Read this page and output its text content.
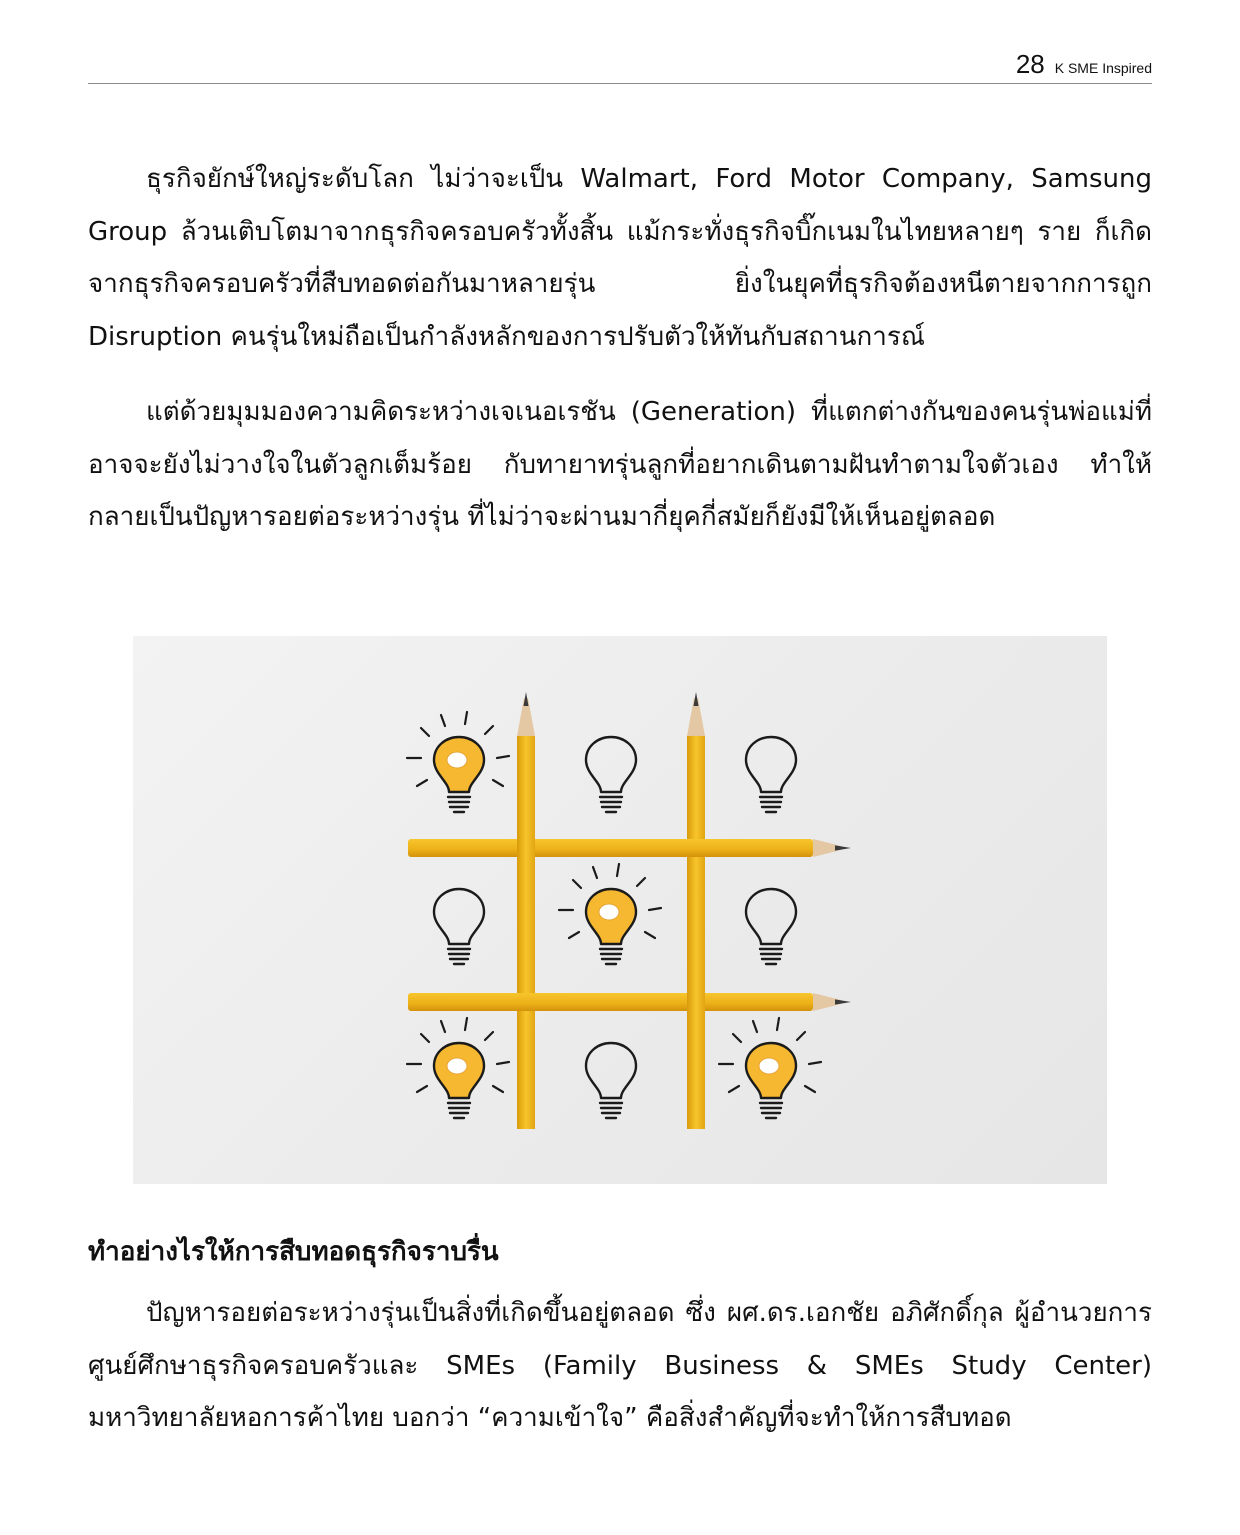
28 K SME Inspired

ธุรกิจยักษ์ใหญ่ระดับโลก ไม่ว่าจะเป็น Walmart, Ford Motor Company, Samsung Group ล้วนเติบโตมาจากธุรกิจครอบครัวทั้งสิ้น แม้กระทั่งธุรกิจบิ๊กเนมในไทยหลายๆ ราย ก็เกิดจากธุรกิจครอบครัวที่สืบทอดต่อกันมาหลายรุ่น ยิ่งในยุคที่ธุรกิจต้องหนีตายจากการถูก Disruption คนรุ่นใหม่ถือเป็นกำลังหลักของการปรับตัวให้ทันกับสถานการณ์

แต่ด้วยมุมมองความคิดระหว่างเจเนอเรชัน (Generation) ที่แตกต่างกันของคนรุ่นพ่อแม่ที่อาจจะยังไม่วางใจในตัวลูกเต็มร้อย กับทายาทรุ่นลูกที่อยากเดินตามฝันทำตามใจตัวเอง ทำให้กลายเป็นปัญหารอยต่อระหว่างรุ่น ที่ไม่ว่าจะผ่านมากี่ยุคกี่สมัยก็ยังมีให้เห็นอยู่ตลอด

ทำอย่างไรให้การสืบทอดธุรกิจราบรื่น

ปัญหารอยต่อระหว่างรุ่นเป็นสิ่งที่เกิดขึ้นอยู่ตลอด ซึ่ง ผศ.ดร.เอกชัย อภิศักดิ์กุล ผู้อำนวยการศูนย์ศึกษาธุรกิจครอบครัวและ SMEs (Family Business & SMEs Study Center) มหาวิทยาลัยหอการค้าไทย บอกว่า “ความเข้าใจ” คือสิ่งสำคัญที่จะทำให้การสืบทอด
